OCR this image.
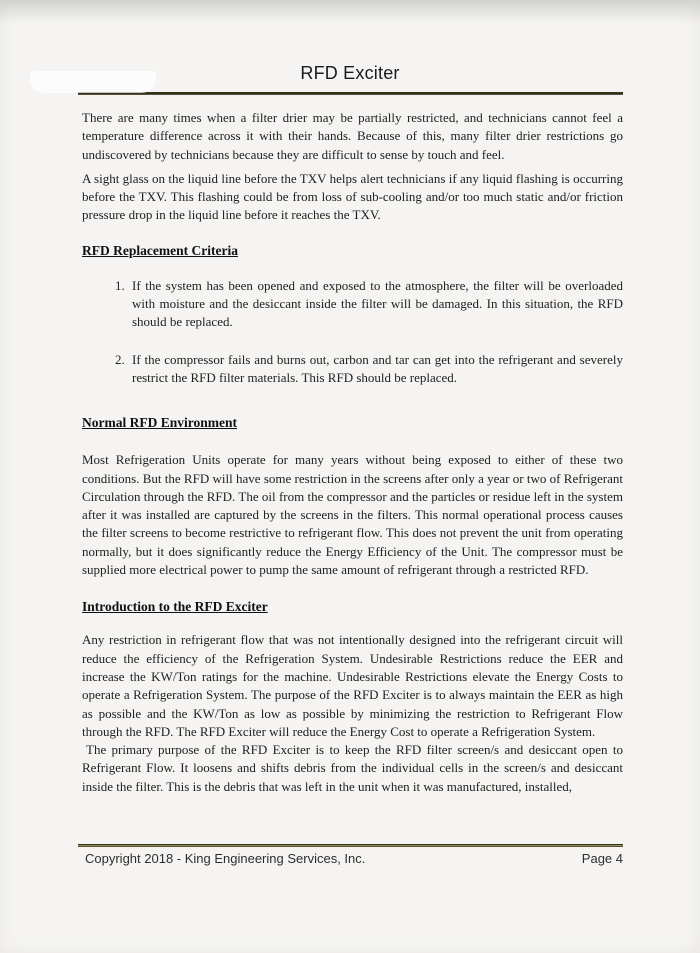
RFD Exciter

There are many times when a filter drier may be partially restricted, and technicians cannot feel a temperature difference across it with their hands. Because of this, many filter drier restrictions go undiscovered by technicians because they are difficult to sense by touch and feel.

A sight glass on the liquid line before the TXV helps alert technicians if any liquid flashing is occurring before the TXV. This flashing could be from loss of sub-cooling and/or too much static and/or friction pressure drop in the liquid line before it reaches the TXV.

RFD Replacement Criteria
1. If the system has been opened and exposed to the atmosphere, the filter will be overloaded with moisture and the desiccant inside the filter will be damaged. In this situation, the RFD should be replaced.
2. If the compressor fails and burns out, carbon and tar can get into the refrigerant and severely restrict the RFD filter materials. This RFD should be replaced.
Normal RFD Environment

Most Refrigeration Units operate for many years without being exposed to either of these two conditions. But the RFD will have some restriction in the screens after only a year or two of Refrigerant Circulation through the RFD. The oil from the compressor and the particles or residue left in the system after it was installed are captured by the screens in the filters. This normal operational process causes the filter screens to become restrictive to refrigerant flow. This does not prevent the unit from operating normally, but it does significantly reduce the Energy Efficiency of the Unit. The compressor must be supplied more electrical power to pump the same amount of refrigerant through a restricted RFD.

Introduction to the RFD Exciter

Any restriction in refrigerant flow that was not intentionally designed into the refrigerant circuit will reduce the efficiency of the Refrigeration System. Undesirable Restrictions reduce the EER and increase the KW/Ton ratings for the machine. Undesirable Restrictions elevate the Energy Costs to operate a Refrigeration System. The purpose of the RFD Exciter is to always maintain the EER as high as possible and the KW/Ton as low as possible by minimizing the restriction to Refrigerant Flow through the RFD. The RFD Exciter will reduce the Energy Cost to operate a Refrigeration System.

The primary purpose of the RFD Exciter is to keep the RFD filter screen/s and desiccant open to Refrigerant Flow. It loosens and shifts debris from the individual cells in the screen/s and desiccant inside the filter. This is the debris that was left in the unit when it was manufactured, installed,

Copyright 2018 - King Engineering Services, Inc.	Page 4
